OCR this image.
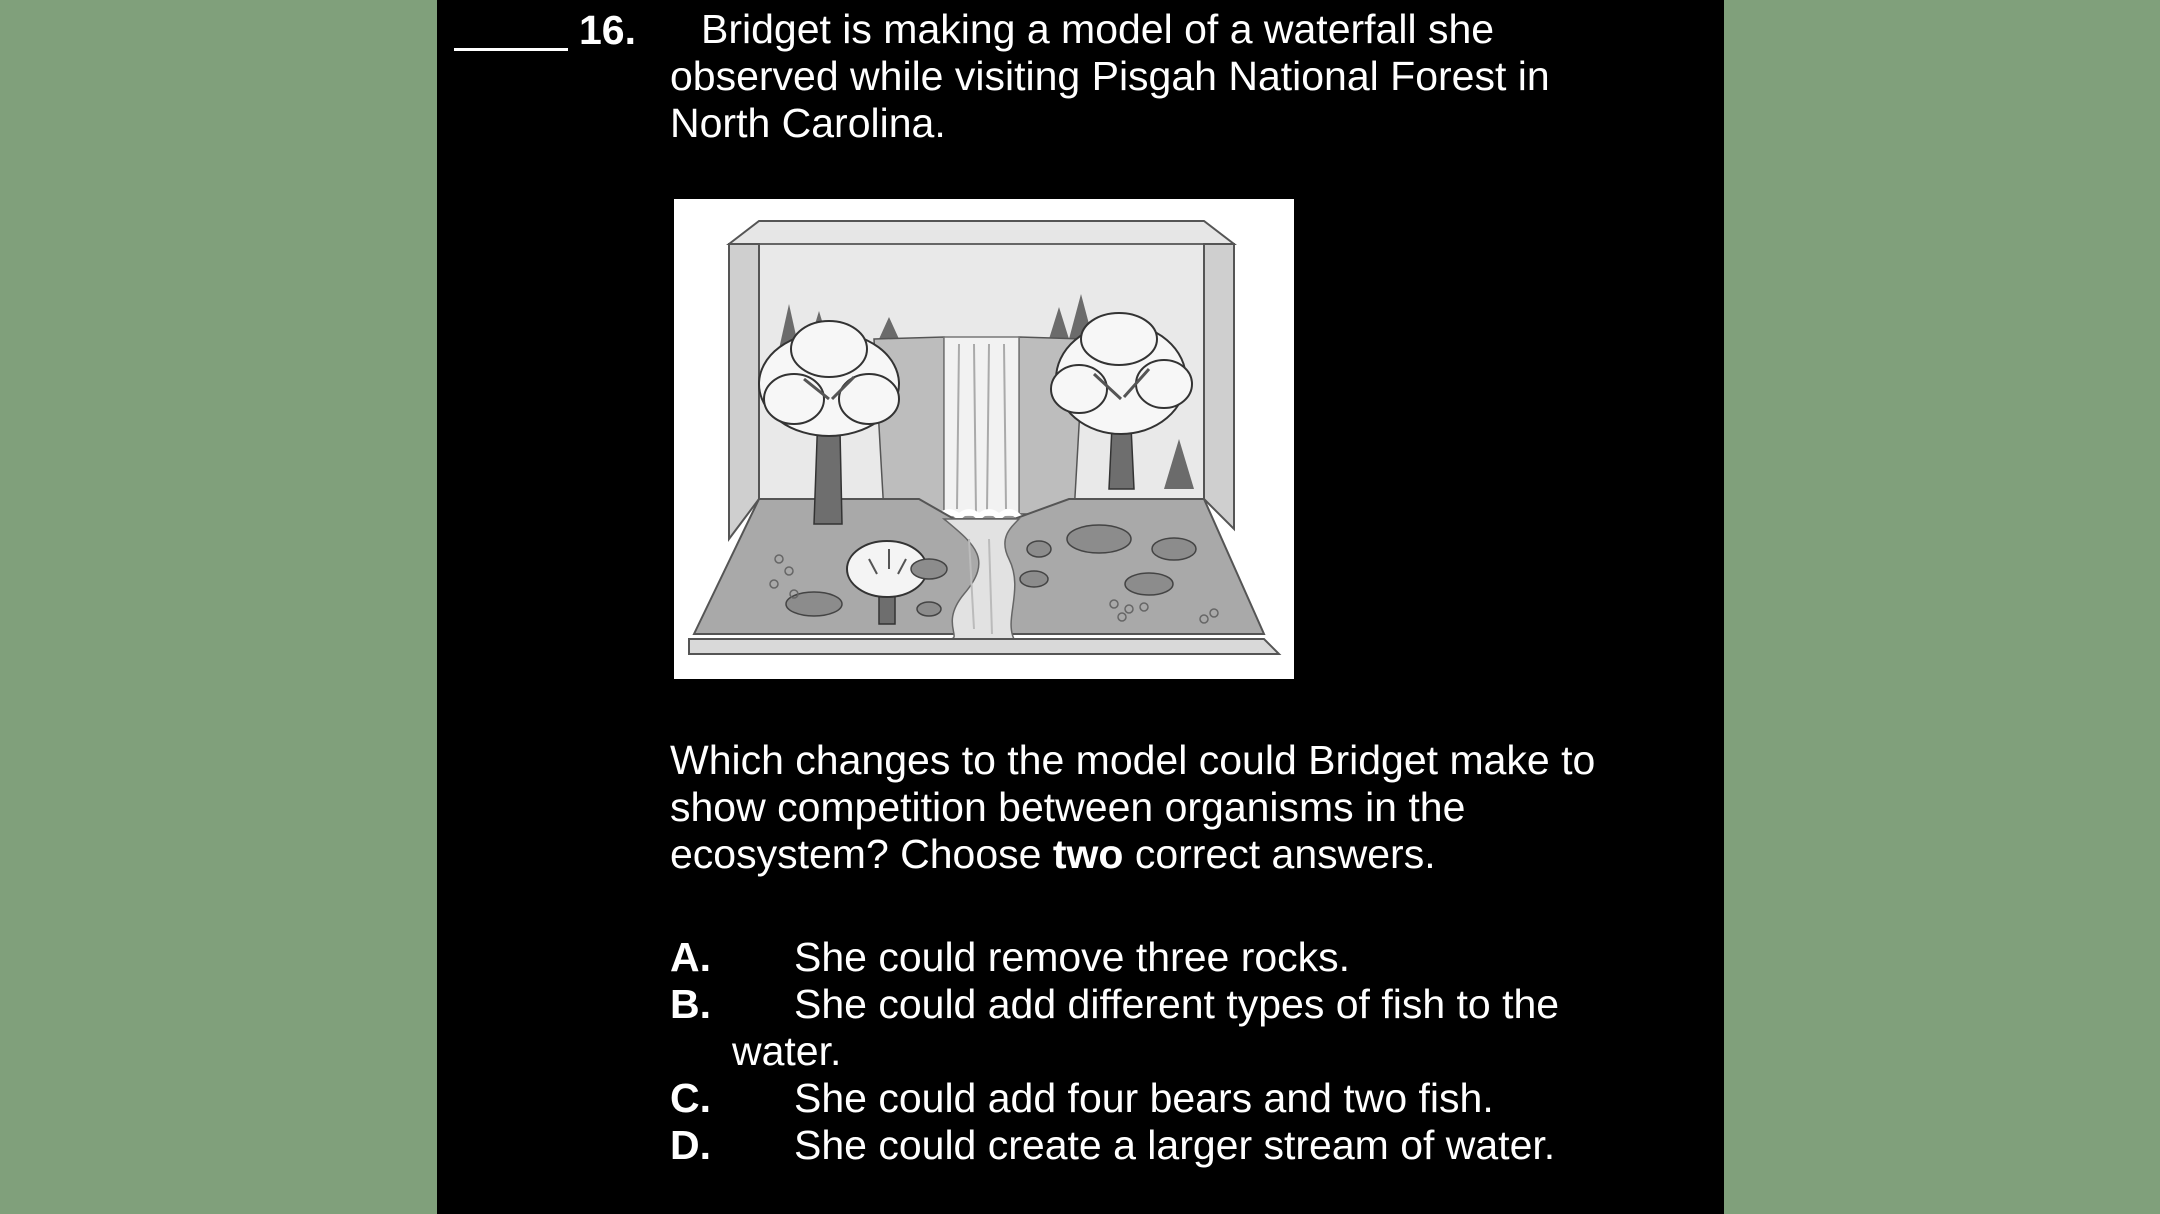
16.	Bridget is making a model of a waterfall she observed while visiting Pisgah National Forest in North Carolina.
Which changes to the model could Bridget make to show competition between organisms in the ecosystem? Choose two correct answers.
A. She could remove three rocks.
B. She could add different types of fish to the
water.
C. She could add four bears and two fish.
D. She could create a larger stream of water.
